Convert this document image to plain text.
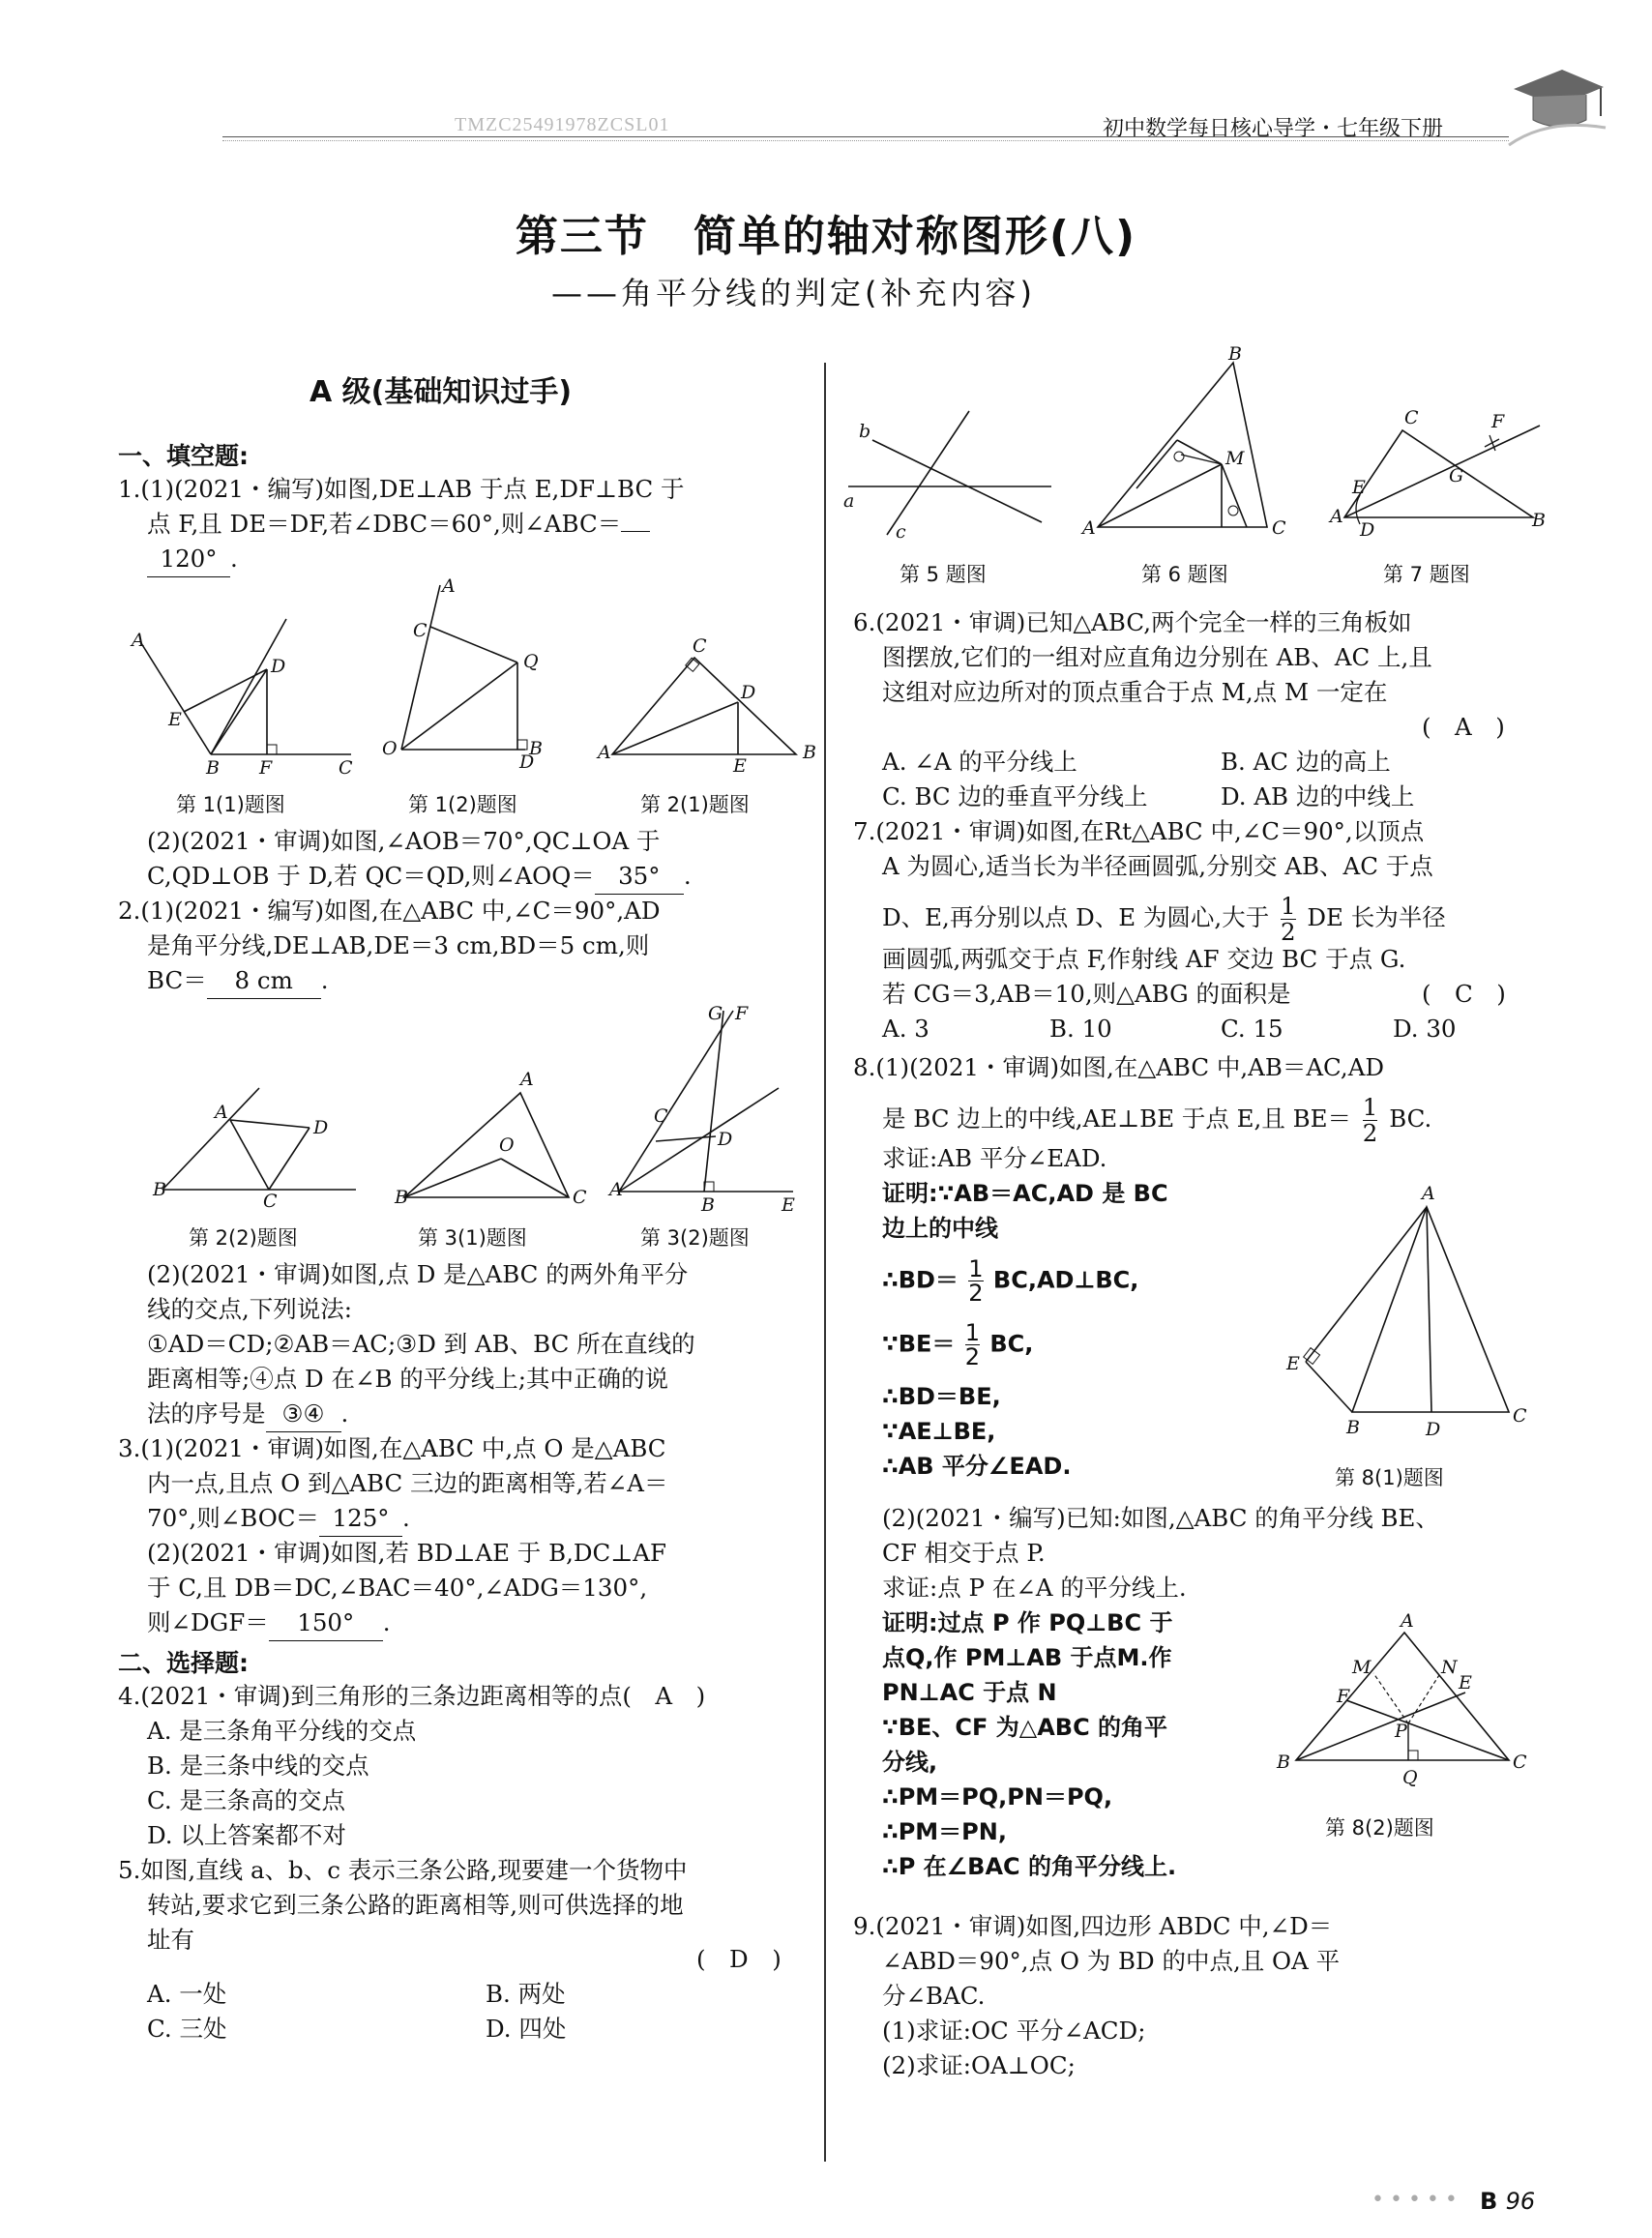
TMZC25491978ZCSL01	初中数学每日核心导学・七年级下册
第三节　简单的轴对称图形(八)
——角平分线的判定(补充内容)
A 级(基础知识过手)
一、填空题:
1.(1)(2021・编写)如图,DE⊥AB 于点 E,DF⊥BC 于
点 F,且 DE＝DF,若∠DBC＝60°,则∠ABC＝
120° .
A
E
B
D
F	C
第 1(1)题图
A
C
Q
O
D
B
第 1(2)题图
A
C
D
E
B
第 2(1)题图
(2)(2021・审调)如图,∠AOB＝70°,QC⊥OA 于
C,QD⊥OB 于 D,若 QC＝QD,则∠AOQ＝ 35° .
2.(1)(2021・编写)如图,在△ABC 中,∠C＝90°,AD
是角平分线,DE⊥AB,DE＝3 cm,BD＝5 cm,则
BC＝ 8 cm .
B
A
D
C
第 2(2)题图
B
A
O
C
第 3(1)题图
A
G F
C
D
B	E
第 3(2)题图
(2)(2021・审调)如图,点 D 是△ABC 的两外角平分
线的交点,下列说法:
①AD＝CD;②AB＝AC;③D 到 AB、BC 所在直线的
距离相等;④点 D 在∠B 的平分线上;其中正确的说
法的序号是 ③④ .
3.(1)(2021・审调)如图,在△ABC 中,点 O 是△ABC
内一点,且点 O 到△ABC 三边的距离相等,若∠A＝
70°,则∠BOC＝ 125° .
(2)(2021・审调)如图,若 BD⊥AE 于 B,DC⊥AF
于 C,且 DB＝DC,∠BAC＝40°,∠ADG＝130°,
则∠DGF＝ 150° .
二、选择题:
4.(2021・审调)到三角形的三条边距离相等的点(　A　)
A. 是三条角平分线的交点
B. 是三条中线的交点
C. 是三条高的交点
D. 以上答案都不对
5.如图,直线 a、b、c 表示三条公路,现要建一个货物中
转站,要求它到三条公路的距离相等,则可供选择的地
址有
(　D　)
A. 一处	B. 两处
C. 三处	D. 四处
b
a
c
第 5 题图
B
M
A	C
第 6 题图
C
E
A
D
G
F
B
第 7 题图
6.(2021・审调)已知△ABC,两个完全一样的三角板如
图摆放,它们的一组对应直角边分别在 AB、AC 上,且
这组对应边所对的顶点重合于点 M,点 M 一定在
(　A　)
A. ∠A 的平分线上	B. AC 边的高上
C. BC 边的垂直平分线上	D. AB 边的中线上
7.(2021・审调)如图,在Rt△ABC 中,∠C＝90°,以顶点
A 为圆心,适当长为半径画圆弧,分别交 AB、AC 于点
D、E,再分别以点 D、E 为圆心,大于 $\frac{1}{2}$ DE 长为半径
画圆弧,两弧交于点 F,作射线 AF 交边 BC 于点 G.
若 CG＝3,AB＝10,则△ABG 的面积是	(　C　)
A. 3	B. 10	C. 15	D. 30
8.(1)(2021・审调)如图,在△ABC 中,AB＝AC,AD
是 BC 边上的中线,AE⊥BE 于点 E,且 $BE= \frac{1}{2}$ BC.
求证:AB 平分∠EAD.
证明:∵AB＝AC,AD 是 BC
边上的中线
∴BD＝ $\frac{1}{2}$ BC,AD⊥BC,
∵BE＝ $\frac{1}{2}$ BC,
∴BD＝BE,
∵AE⊥BE,
∴AB 平分∠EAD.
A
E
B	D
C
第 8(1)题图
(2)(2021・编写)已知:如图,△ABC 的角平分线 BE、
CF 相交于点 P.
求证:点 P 在∠A 的平分线上.
证明:过点 P 作 PQ⊥BC 于
点Q,作 PM⊥AB 于点M.作
PN⊥AC 于点 N
∵BE、CF 为△ABC 的角平
分线,
∴PM＝PQ,PN＝PQ,
∴PM＝PN,
∴P 在∠BAC 的角平分线上.
A
M
F
N
E
P
B
Q
C
第 8(2)题图
9.(2021・审调)如图,四边形 ABDC 中,∠D＝
∠ABD＝90°,点 O 为 BD 的中点,且 OA 平
分∠BAC.
(1)求证:OC 平分∠ACD;
(2)求证:OA⊥OC;
••••• B 96
